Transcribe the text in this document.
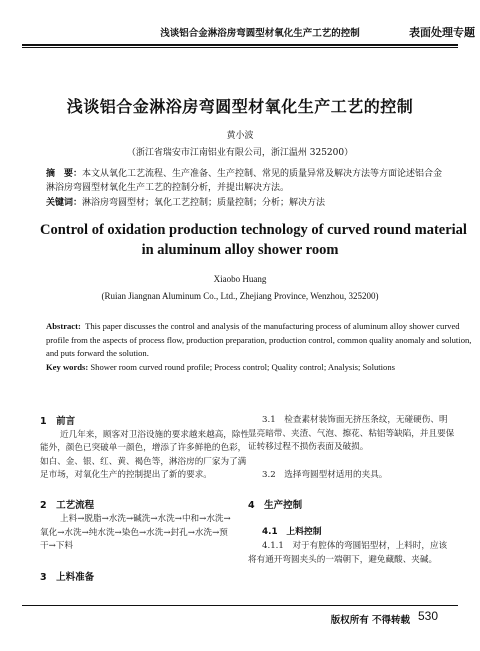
浅谈铝合金淋浴房弯圆型材氧化生产工艺的控制	表面处理专题
浅谈铝合金淋浴房弯圆型材氧化生产工艺的控制
黄小波
（浙江省瑞安市江南铝业有限公司，浙江温州 325200）
摘　要：本文从氧化工艺流程、生产准备、生产控制、常见的质量异常及解决方法等方面论述铝合金
淋浴房弯圆型材氧化生产工艺的控制分析，并提出解决方法。
关键词：淋浴房弯圆型材；氧化工艺控制；质量控制；分析；解决方法
Control of oxidation production technology of curved round material
in aluminum alloy shower room
Xiaobo Huang
(Ruian Jiangnan Aluminum Co., Ltd., Zhejiang Province, Wenzhou, 325200)
Abstract: This paper discusses the control and analysis of the manufacturing process of aluminum alloy shower curved
profile from the aspects of process flow, production preparation, production control, common quality anomaly and solution,
and puts forward the solution.
Key words: Shower room curved round profile; Process control; Quality control; Analysis; Solutions
1　前言
近几年来，顾客对卫浴设施的要求越来越高，除性
能外，颜色已突破单一颜色，增添了许多鲜艳的色彩，
如白、金、银、红、黄、褐色等，淋浴房的厂家为了满
足市场，对氧化生产的控制提出了新的要求。
2　工艺流程
上料→脱脂→水洗→碱洗→水洗→中和→水洗→
氧化→水洗→纯水洗→染色→水洗→封孔→水洗→预
干→下料
3　上料准备
3.1　检查素材装饰面无挤压条纹，无碰硬伤、明
显亮暗带、夹渣、气泡、擦花、粘铝等缺陷，并且要保
证转移过程不损伤表面及破损。
3.2　选择弯圆型材适用的夹具。
4　生产控制
4.1　上料控制
4.1.1　对于有腔体的弯圆铝型材，上料时，应该
将有通开弯圆夹头的一端朝下，避免藏酸、夹碱。
版权所有 不得转载 530
